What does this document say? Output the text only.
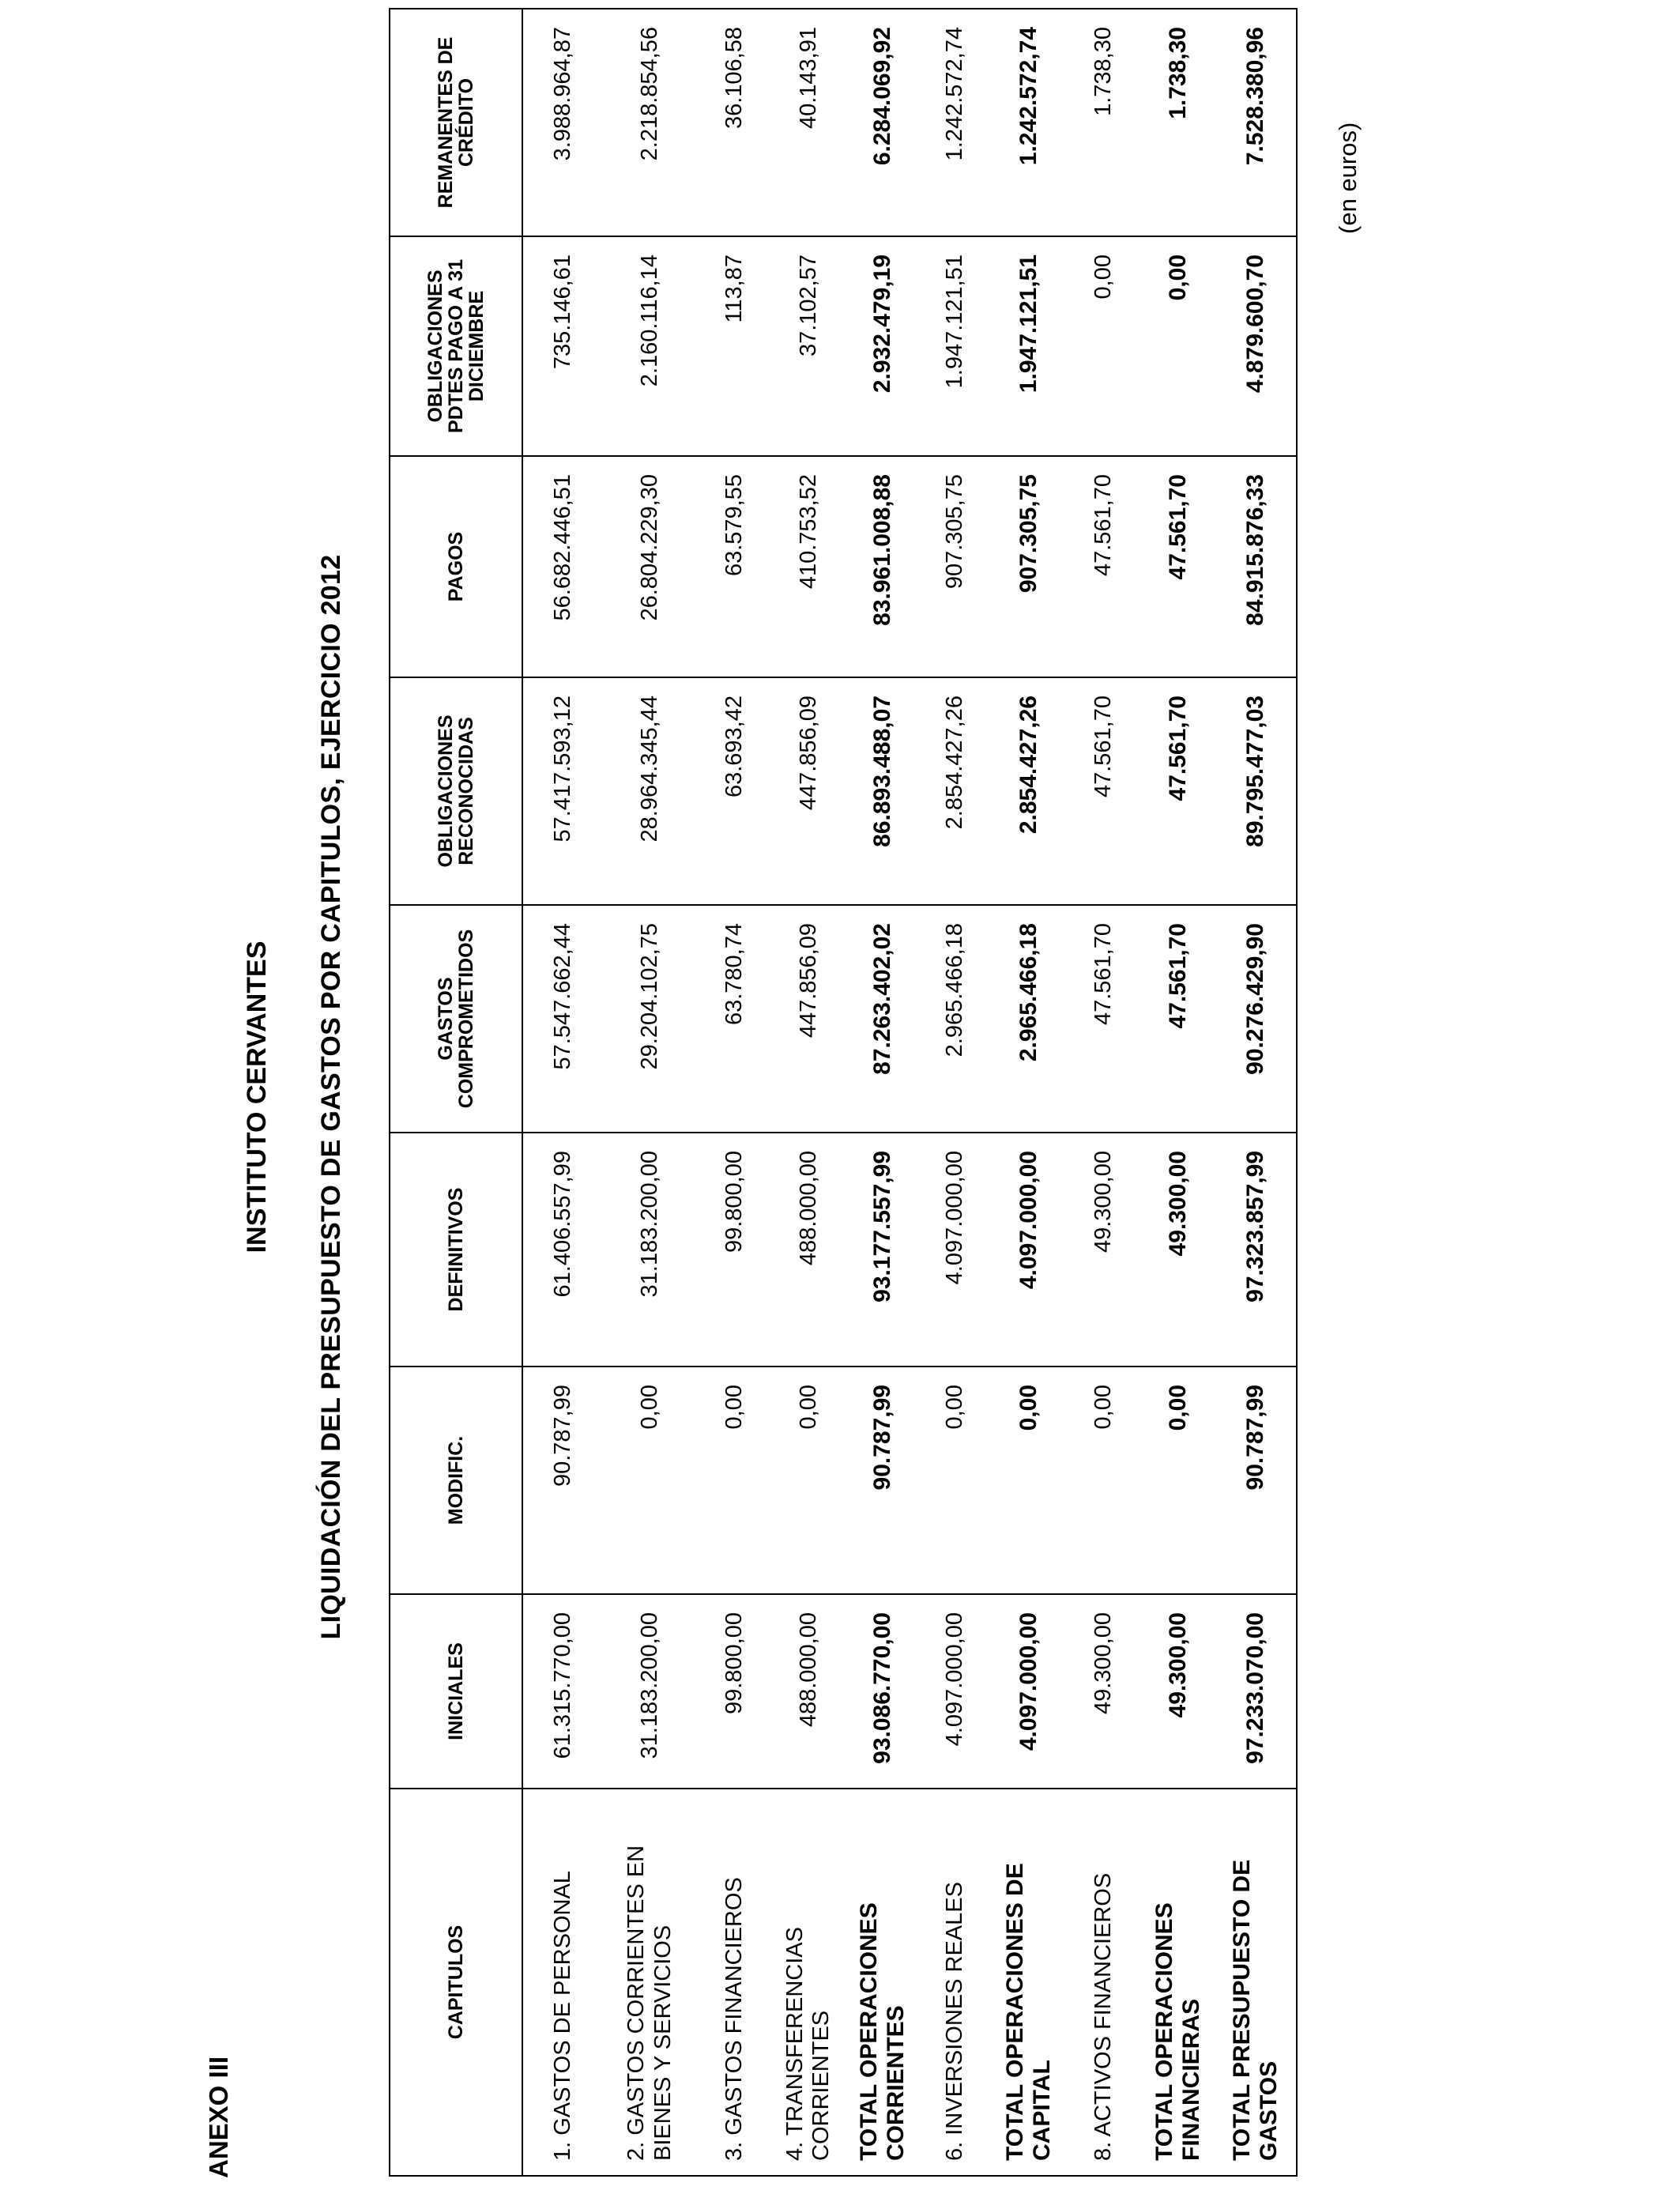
ANEXO III
INSTITUTO CERVANTES LIQUIDACIÓN DEL PRESUPUESTO DE GASTOS POR CAPITULOS, EJERCICIO 2012
(en euros)
CAPITULOS	INICIALES	MODIFIC.	DEFINITIVOS	GASTOS COMPROMETIDOS	OBLIGACIONES RECONOCIDAS	PAGOS	OBLIGACIONES PDTES PAGO A 31 DICIEMBRE	REMANENTES DE CRÉDITO
1. GASTOS DE PERSONAL	61.315.770,00	90.787,99	61.406.557,99	57.547.662,44	57.417.593,12	56.682.446,51	735.146,61	3.988.964,87
2. GASTOS CORRIENTES EN BIENES Y SERVICIOS	31.183.200,00	0,00	31.183.200,00	29.204.102,75	28.964.345,44	26.804.229,30	2.160.116,14	2.218.854,56
3. GASTOS FINANCIEROS	99.800,00	0,00	99.800,00	63.780,74	63.693,42	63.579,55	113,87	36.106,58
4. TRANSFERENCIAS CORRIENTES	488.000,00	0,00	488.000,00	447.856,09	447.856,09	410.753,52	37.102,57	40.143,91
TOTAL OPERACIONES CORRIENTES	93.086.770,00	90.787,99	93.177.557,99	87.263.402,02	86.893.488,07	83.961.008,88	2.932.479,19	6.284.069,92
6. INVERSIONES REALES	4.097.000,00	0,00	4.097.000,00	2.965.466,18	2.854.427,26	907.305,75	1.947.121,51	1.242.572,74
TOTAL OPERACIONES DE CAPITAL	4.097.000,00	0,00	4.097.000,00	2.965.466,18	2.854.427,26	907.305,75	1.947.121,51	1.242.572,74
8. ACTIVOS FINANCIEROS	49.300,00	0,00	49.300,00	47.561,70	47.561,70	47.561,70	0,00	1.738,30
TOTAL OPERACIONES FINANCIERAS	49.300,00	0,00	49.300,00	47.561,70	47.561,70	47.561,70	0,00	1.738,30
TOTAL PRESUPUESTO DE GASTOS	97.233.070,00	90.787,99	97.323.857,99	90.276.429,90	89.795.477,03	84.915.876,33	4.879.600,70	7.528.380,96
